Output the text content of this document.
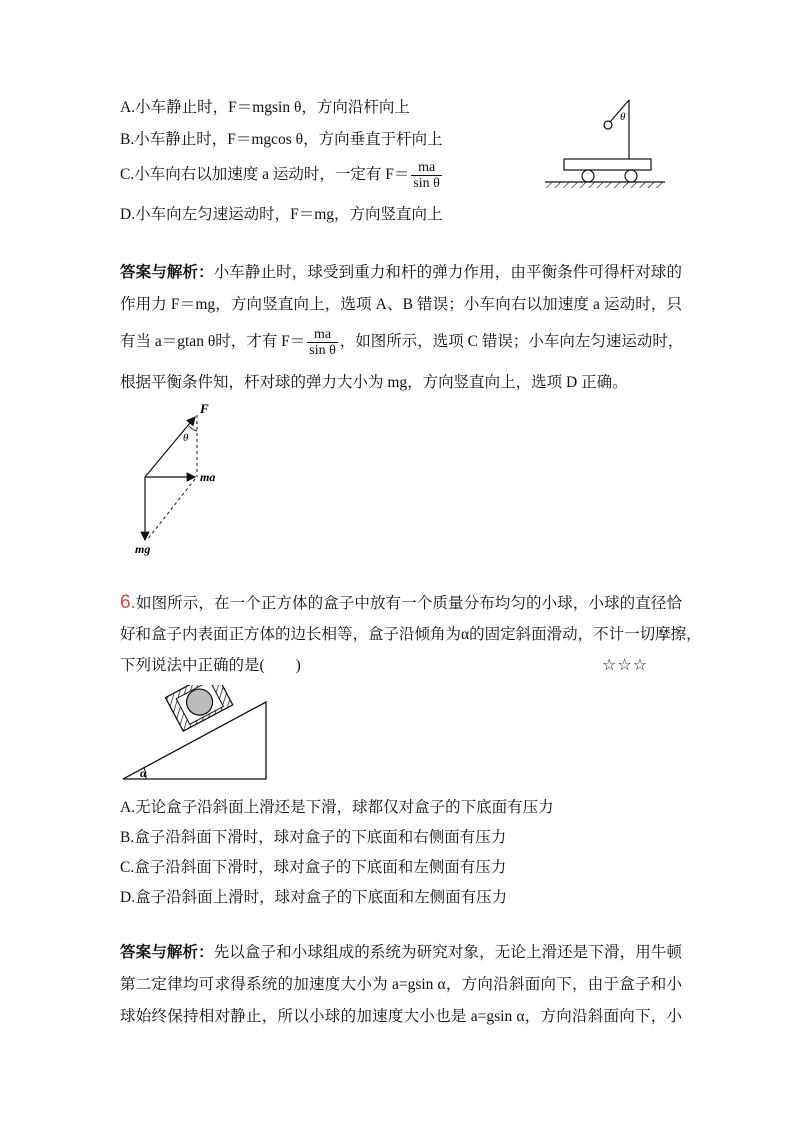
A.小车静止时，F＝mgsin θ，方向沿杆向上
B.小车静止时，F＝mgcos θ，方向垂直于杆向上
C.小车向右以加速度 a 运动时，一定有 $F= \frac{ma}{\text{sin θ}}$
D.小车向左匀速运动时，F＝mg，方向竖直向上
θ
答案与解析：小车静止时，球受到重力和杆的弹力作用，由平衡条件可得杆对球的
作用力 F＝mg，方向竖直向上，选项 A、B 错误；小车向右以加速度 a 运动时，只
有当 a＝gtan θ时，才有 $F= \frac{ma}{\text{sin θ}}$ ，如图所示，选项 C 错误；小车向左匀速运动时，
根据平衡条件知，杆对球的弹力大小为 mg，方向竖直向上，选项 D 正确。
F
θ
ma
mg
6.如图所示，在一个正方体的盒子中放有一个质量分布均匀的小球，小球的直径恰
好和盒子内表面正方体的边长相等，盒子沿倾角为α的固定斜面滑动，不计一切摩擦，
下列说法中正确的是(　　)	☆☆☆
α
A.无论盒子沿斜面上滑还是下滑，球都仅对盒子的下底面有压力
B.盒子沿斜面下滑时，球对盒子的下底面和右侧面有压力
C.盒子沿斜面下滑时，球对盒子的下底面和左侧面有压力
D.盒子沿斜面上滑时，球对盒子的下底面和左侧面有压力
答案与解析：先以盒子和小球组成的系统为研究对象，无论上滑还是下滑，用牛顿
第二定律均可求得系统的加速度大小为 a=gsin α，方向沿斜面向下，由于盒子和小
球始终保持相对静止，所以小球的加速度大小也是 a=gsin α，方向沿斜面向下，小
